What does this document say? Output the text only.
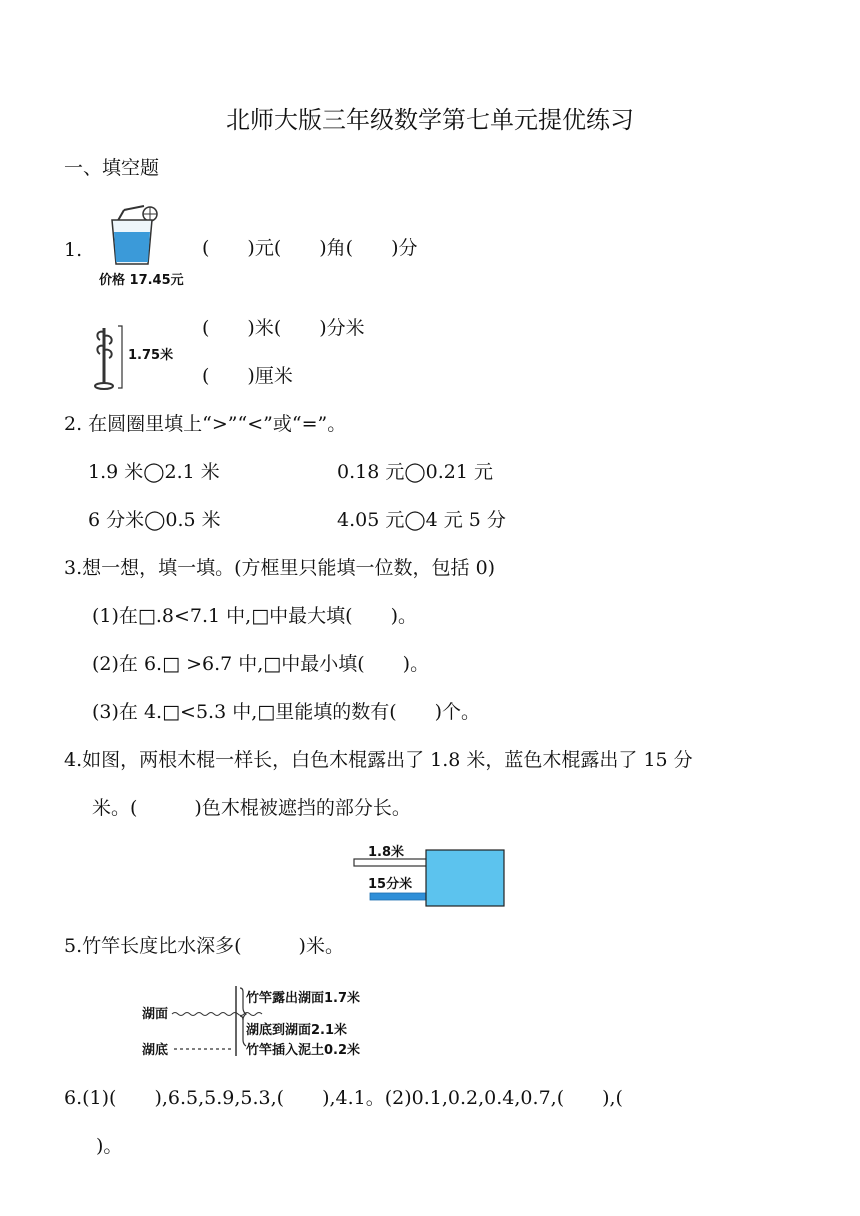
北师大版三年级数学第七单元提优练习
一、填空题
1.
价格 17.45元
(　　)元(　　)角(　　)分
1.75米
(　　)米(　　)分米
(　　)厘米
2. 在圆圈里填上“>”“<”或“=”。
1.9 米◯2.1 米	0.18 元◯0.21 元
6 分米◯0.5 米	4.05 元◯4 元 5 分
3.想一想，填一填。(方框里只能填一位数，包括 0)
(1)在□.8<7.1 中,□中最大填(　　)。
(2)在 6.□ >6.7 中,□中最小填(　　)。
(3)在 4.□<5.3 中,□里能填的数有(　　)个。
4.如图，两根木棍一样长，白色木棍露出了 1.8 米，蓝色木棍露出了 15 分
米。(　　　)色木棍被遮挡的部分长。
1.8米
15分米
5.竹竿长度比水深多(　　　)米。
湖面
湖底
竹竿露出湖面1.7米
湖底到湖面2.1米
竹竿插入泥土0.2米
6.(1)(　　),6.5,5.9,5.3,(　　),4.1。(2)0.1,0.2,0.4,0.7,(　　),(
)。
